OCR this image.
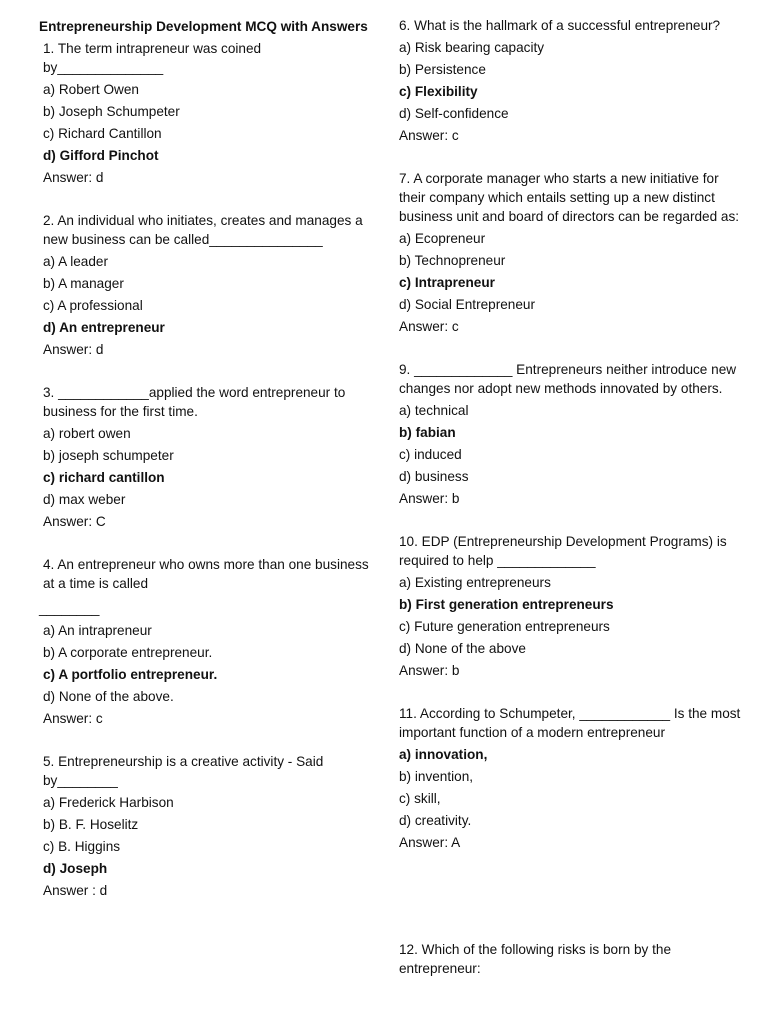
Entrepreneurship Development MCQ with Answers

1. The term intrapreneur was coined by______________

a) Robert Owen

b) Joseph Schumpeter

c) Richard Cantillon

d) Gifford Pinchot

Answer: d

2. An individual who initiates, creates and manages a new business can be called_______________

a) A leader

b) A manager

c) A professional

d) An entrepreneur

Answer: d

3. ____________applied the word entrepreneur to business for the first time.

a) robert owen

b) joseph schumpeter

c) richard cantillon

d) max weber

Answer: C

4. An entrepreneur who owns more than one business at a time is called

________

a) An intrapreneur

b) A corporate entrepreneur.

c) A portfolio entrepreneur.

d) None of the above.

Answer: c

5. Entrepreneurship is a creative activity - Said by________

a) Frederick Harbison

b) B. F. Hoselitz

c) B. Higgins

d) Joseph

Answer : d

6. What is the hallmark of a successful entrepreneur?

a) Risk bearing capacity

b) Persistence

c) Flexibility

d) Self-confidence

Answer: c

7. A corporate manager who starts a new initiative for their company which entails setting up a new distinct business unit and board of directors can be regarded as:

a) Ecopreneur

b) Technopreneur

c) Intrapreneur

d) Social Entrepreneur

Answer: c

9. _____________ Entrepreneurs neither introduce new changes nor adopt new methods innovated by others.

a) technical

b) fabian

c) induced

d) business

Answer: b

10. EDP (Entrepreneurship Development Programs) is required to help _____________

a) Existing entrepreneurs

b) First generation entrepreneurs

c) Future generation entrepreneurs

d) None of the above

Answer: b

11. According to Schumpeter, ____________ Is the most important function of a modern entrepreneur

a) innovation,

b) invention,

c) skill,

d) creativity.

Answer: A

12. Which of the following risks is born by the entrepreneur:
